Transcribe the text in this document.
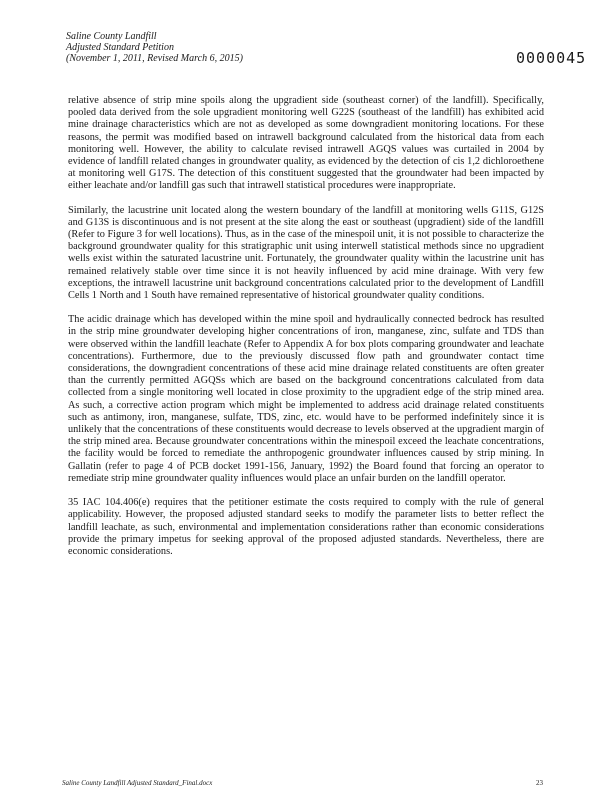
Saline County Landfill
Adjusted Standard Petition
(November 1, 2011, Revised March 6, 2015)	0000045

relative absence of strip mine spoils along the upgradient side (southeast corner) of the landfill). Specifically, pooled data derived from the sole upgradient monitoring well G22S (southeast of the landfill) has exhibited acid mine drainage characteristics which are not as developed as some downgradient monitoring locations. For these reasons, the permit was modified based on intrawell background calculated from the historical data from each monitoring well. However, the ability to calculate revised intrawell AGQS values was curtailed in 2004 by evidence of landfill related changes in groundwater quality, as evidenced by the detection of cis 1,2 dichloroethene at monitoring well G17S. The detection of this constituent suggested that the groundwater had been impacted by either leachate and/or landfill gas such that intrawell statistical procedures were inappropriate.

Similarly, the lacustrine unit located along the western boundary of the landfill at monitoring wells G11S, G12S and G13S is discontinuous and is not present at the site along the east or southeast (upgradient) side of the landfill (Refer to Figure 3 for well locations). Thus, as in the case of the minespoil unit, it is not possible to characterize the background groundwater quality for this stratigraphic unit using interwell statistical methods since no upgradient wells exist within the saturated lacustrine unit. Fortunately, the groundwater quality within the lacustrine unit has remained relatively stable over time since it is not heavily influenced by acid mine drainage. With very few exceptions, the intrawell lacustrine unit background concentrations calculated prior to the development of Landfill Cells 1 North and 1 South have remained representative of historical groundwater quality conditions.

The acidic drainage which has developed within the mine spoil and hydraulically connected bedrock has resulted in the strip mine groundwater developing higher concentrations of iron, manganese, zinc, sulfate and TDS than were observed within the landfill leachate (Refer to Appendix A for box plots comparing groundwater and leachate concentrations). Furthermore, due to the previously discussed flow path and groundwater contact time considerations, the downgradient concentrations of these acid mine drainage related constituents are often greater than the currently permitted AGQSs which are based on the background concentrations calculated from data collected from a single monitoring well located in close proximity to the upgradient edge of the strip mined area. As such, a corrective action program which might be implemented to address acid drainage related constituents such as antimony, iron, manganese, sulfate, TDS, zinc, etc. would have to be performed indefinitely since it is unlikely that the concentrations of these constituents would decrease to levels observed at the upgradient margin of the strip mined area. Because groundwater concentrations within the minespoil exceed the leachate concentrations, the facility would be forced to remediate the anthropogenic groundwater influences caused by strip mining. In Gallatin (refer to page 4 of PCB docket 1991-156, January, 1992) the Board found that forcing an operator to remediate strip mine groundwater quality influences would place an unfair burden on the landfill operator.

35 IAC 104.406(e) requires that the petitioner estimate the costs required to comply with the rule of general applicability. However, the proposed adjusted standard seeks to modify the parameter lists to better reflect the landfill leachate, as such, environmental and implementation considerations rather than economic considerations provide the primary impetus for seeking approval of the proposed adjusted standards. Nevertheless, there are economic considerations.

Saline County Landfill Adjusted Standard_Final.docx	23
